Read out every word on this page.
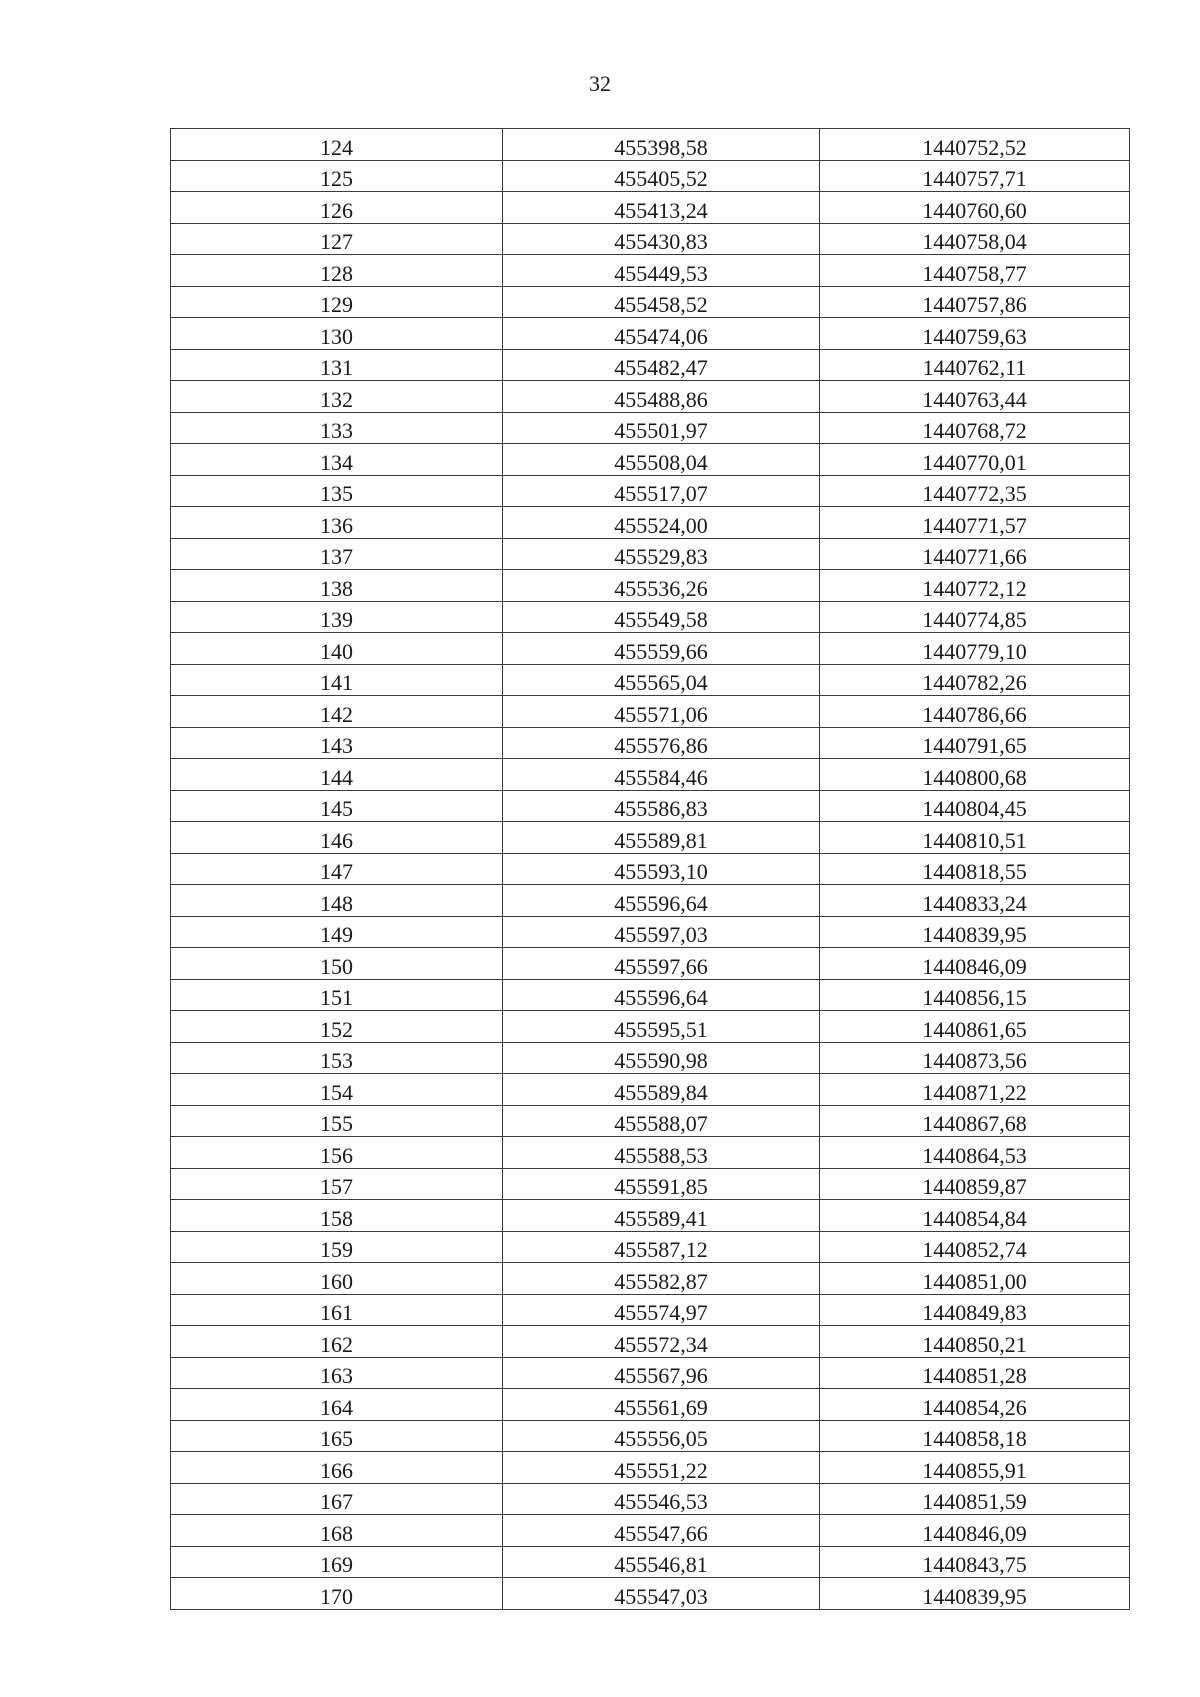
32
124	455398,58	1440752,52
125	455405,52	1440757,71
126	455413,24	1440760,60
127	455430,83	1440758,04
128	455449,53	1440758,77
129	455458,52	1440757,86
130	455474,06	1440759,63
131	455482,47	1440762,11
132	455488,86	1440763,44
133	455501,97	1440768,72
134	455508,04	1440770,01
135	455517,07	1440772,35
136	455524,00	1440771,57
137	455529,83	1440771,66
138	455536,26	1440772,12
139	455549,58	1440774,85
140	455559,66	1440779,10
141	455565,04	1440782,26
142	455571,06	1440786,66
143	455576,86	1440791,65
144	455584,46	1440800,68
145	455586,83	1440804,45
146	455589,81	1440810,51
147	455593,10	1440818,55
148	455596,64	1440833,24
149	455597,03	1440839,95
150	455597,66	1440846,09
151	455596,64	1440856,15
152	455595,51	1440861,65
153	455590,98	1440873,56
154	455589,84	1440871,22
155	455588,07	1440867,68
156	455588,53	1440864,53
157	455591,85	1440859,87
158	455589,41	1440854,84
159	455587,12	1440852,74
160	455582,87	1440851,00
161	455574,97	1440849,83
162	455572,34	1440850,21
163	455567,96	1440851,28
164	455561,69	1440854,26
165	455556,05	1440858,18
166	455551,22	1440855,91
167	455546,53	1440851,59
168	455547,66	1440846,09
169	455546,81	1440843,75
170	455547,03	1440839,95
